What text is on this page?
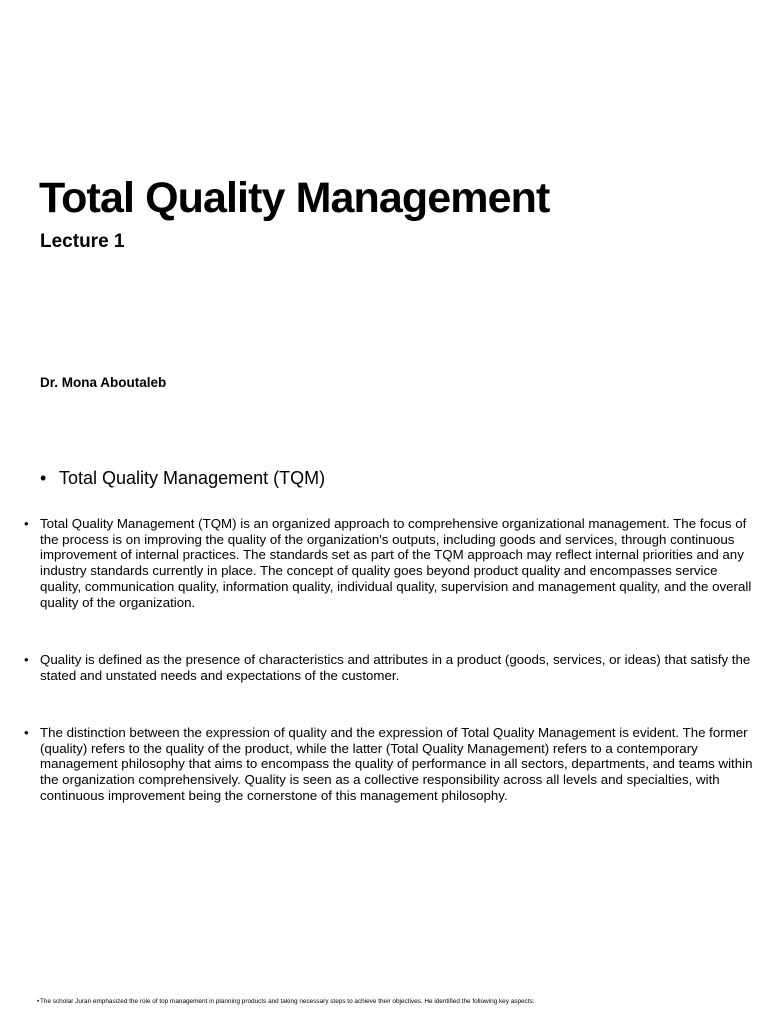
Total Quality Management
Lecture 1

Dr. Mona Aboutaleb

• Total Quality Management (TQM)
• Total Quality Management (TQM) is an organized approach to comprehensive organizational management. The focus of the process is on improving the quality of the organization's outputs, including goods and services, through continuous improvement of internal practices. The standards set as part of the TQM approach may reflect internal priorities and any industry standards currently in place. The concept of quality goes beyond product quality and encompasses service quality, communication quality, information quality, individual quality, supervision and management quality, and the overall quality of the organization.
• Quality is defined as the presence of characteristics and attributes in a product (goods, services, or ideas) that satisfy the stated and unstated needs and expectations of the customer.
• The distinction between the expression of quality and the expression of Total Quality Management is evident. The former (quality) refers to the quality of the product, while the latter (Total Quality Management) refers to a contemporary management philosophy that aims to encompass the quality of performance in all sectors, departments, and teams within the organization comprehensively. Quality is seen as a collective responsibility across all levels and specialties, with continuous improvement being the cornerstone of this management philosophy.
• The scholar Juran emphasized the role of top management in planning products and taking necessary steps to achieve their objectives. He identified the following key aspects:
